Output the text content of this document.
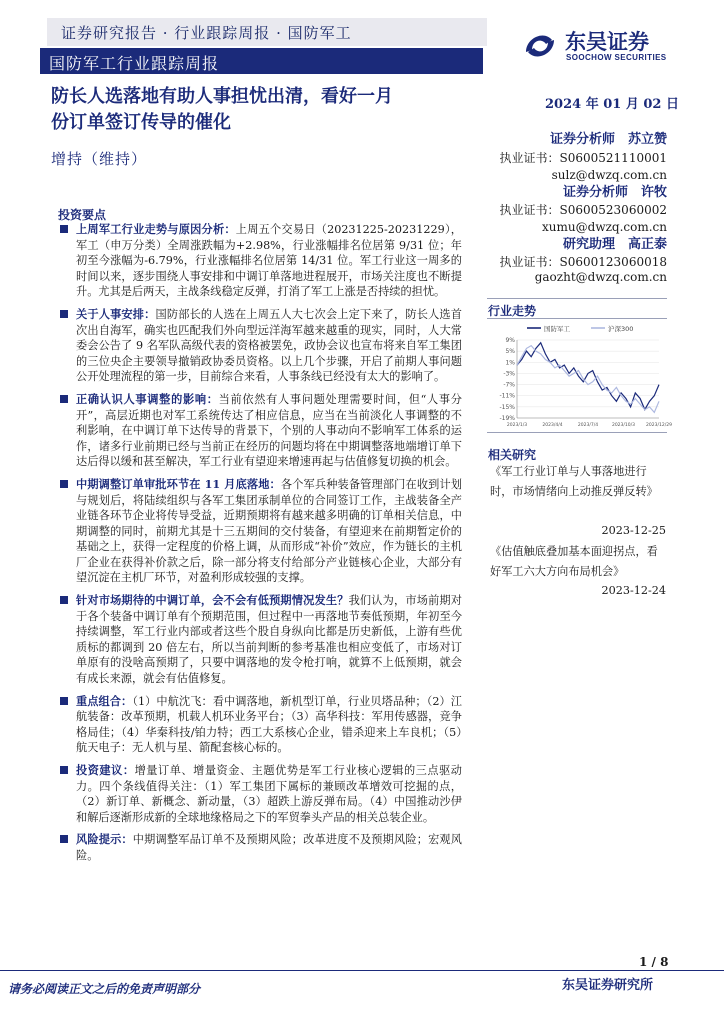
证券研究报告 · 行业跟踪周报 · 国防军工
国防军工行业跟踪周报
东吴证券
SOOCHOW SECURITIES
防长人选落地有助人事担忧出清，看好一月
份订单签订传导的催化
增持（维持）
2024 年 01 月 02 日
证券分析师　苏立赞
执业证书：S0600521110001
sulz@dwzq.com.cn
证券分析师　许牧
执业证书：S0600523060002
xumu@dwzq.com.cn
研究助理　高正泰
执业证书：S0600123060018
gaozht@dwzq.com.cn
投资要点
上周军工行业走势与原因分析：上周五个交易日（20231225-20231229），军工（申万分类）全周涨跌幅为+2.98%，行业涨幅排名位居第 9/31 位；年初至今涨幅为-6.79%，行业涨幅排名位居第 14/31 位。军工行业这一周多的时间以来，逐步围绕人事安排和中调订单落地进程展开，市场关注度也不断提升。尤其是后两天，主战条线稳定反弹，打消了军工上涨是否持续的担忧。
关于人事安排：国防部长的人选在上周五人大七次会上定下来了，防长人选首次出自海军，确实也匹配我们外向型远洋海军越来越重的现实，同时，人大常委会公告了 9 名军队高级代表的资格被罢免，政协会议也宣布将来自军工集团的三位央企主要领导撤销政协委员资格。以上几个步骤，开启了前期人事问题公开处理流程的第一步，目前综合来看，人事条线已经没有太大的影响了。
正确认识人事调整的影响：当前依然有人事问题处理需要时间，但“人事分开”，高层近期也对军工系统传达了相应信息，应当在当前淡化人事调整的不利影响，在中调订单下达传导的背景下，个别的人事动向不影响军工体系的运作，诸多行业前期已经与当前正在经历的问题均将在中期调整落地端增订单下达后得以缓和甚至解决，军工行业有望迎来增速再起与估值修复切换的机会。
中期调整订单审批环节在 11 月底落地：各个军兵种装备管理部门在收到计划与规划后，将陆续组织与各军工集团承制单位的合同签订工作，主战装备全产业链各环节企业将传导受益，近期预期将有越来越多明确的订单相关信息，中期调整的同时，前期尤其是十三五期间的交付装备，有望迎来在前期暂定价的基础之上，获得一定程度的价格上调，从而形成“补价”效应，作为链长的主机厂企业在获得补价款之后，除一部分将支付给部分产业链核心企业，大部分有望沉淀在主机厂环节，对盈利形成较强的支撑。
针对市场期待的中调订单，会不会有低预期情况发生？我们认为，市场前期对于各个装备中调订单有个预期范围，但过程中一再落地节奏低预期，年初至今持续调整，军工行业内部或者这些个股自身纵向比都是历史新低，上游有些优质标的都调到 20 倍左右，所以当前判断的参考基准也相应变低了，市场对订单原有的没啥高预期了，只要中调落地的发令枪打响，就算不上低预期，就会有成长来源，就会有估值修复。
重点组合：（1）中航沈飞：看中调落地，新机型订单，行业贝塔品种；（2）江航装备：改革预期，机载人机环业务平台；（3）高华科技：军用传感器，竞争格局佳；（4）华秦科技/铂力特；西工大系核心企业，错杀迎来上车良机；（5）航天电子：无人机与星、箭配套核心标的。
投资建议：增量订单、增量资金、主题优势是军工行业核心逻辑的三点驱动力。四个条线值得关注：（1）军工集团下属标的兼顾改革增效可挖掘的点，（2）新订单、新概念、新动量，（3）超跌上游反弹布局。（4）中国推动沙伊和解后逐渐形成新的全球地缘格局之下的军贸拳头产品的相关总装企业。
风险提示：中期调整军品订单不及预期风险；改革进度不及预期风险；宏观风险。
行业走势
国防军工	沪深300
9%
5%
1%
-3%
-7%
-11%
-15%
-19%
2023/1/3	2023/4/4	2023/7/4	2023/10/3 2023/12/29
相关研究
《军工行业订单与人事落地进行时，市场情绪向上动推反弹反转》
2023-12-25
《估值触底叠加基本面迎拐点，看好军工六大方向布局机会》
2023-12-24
1 / 8
请务必阅读正文之后的免责声明部分	东吴证券研究所
